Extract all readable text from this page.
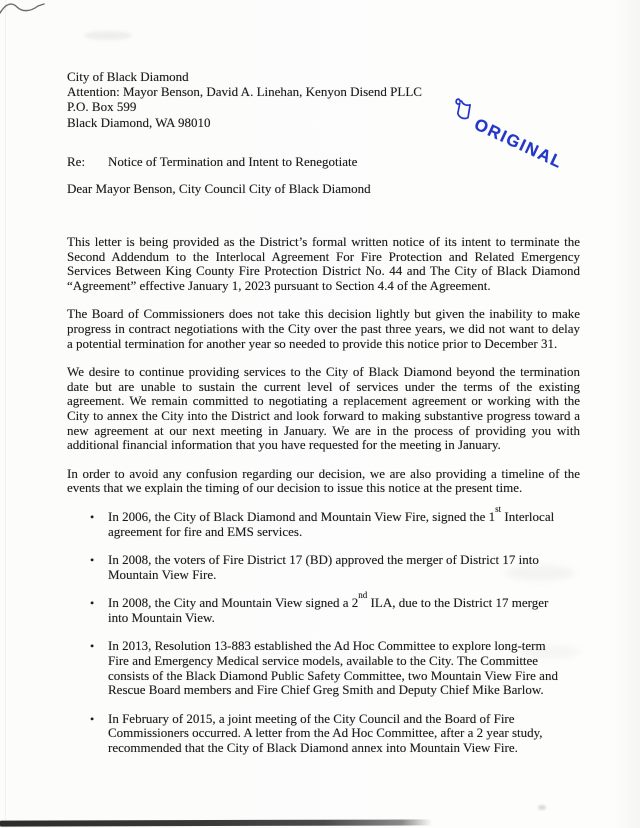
ORIGINAL
City of Black Diamond
Attention: Mayor Benson, David A. Linehan, Kenyon Disend PLLC
P.O. Box 599
Black Diamond, WA 98010
Re:	Notice of Termination and Intent to Renegotiate
Dear Mayor Benson, City Council City of Black Diamond

This letter is being provided as the District’s formal written notice of its intent to terminate the Second Addendum to the Interlocal Agreement For Fire Protection and Related Emergency Services Between King County Fire Protection District No. 44 and The City of Black Diamond “Agreement” effective January 1, 2023 pursuant to Section 4.4 of the Agreement.

The Board of Commissioners does not take this decision lightly but given the inability to make progress in contract negotiations with the City over the past three years, we did not want to delay a potential termination for another year so needed to provide this notice prior to December 31.

We desire to continue providing services to the City of Black Diamond beyond the termination date but are unable to sustain the current level of services under the terms of the existing agreement. We remain committed to negotiating a replacement agreement or working with the City to annex the City into the District and look forward to making substantive progress toward a new agreement at our next meeting in January. We are in the process of providing you with additional financial information that you have requested for the meeting in January.

In order to avoid any confusion regarding our decision, we are also providing a timeline of the events that we explain the timing of our decision to issue this notice at the present time.

•	In 2006, the City of Black Diamond and Mountain View Fire, signed the 1st Interlocal agreement for fire and EMS services.
•	In 2008, the voters of Fire District 17 (BD) approved the merger of District 17 into Mountain View Fire.
•	In 2008, the City and Mountain View signed a 2nd ILA, due to the District 17 merger into Mountain View.
•	In 2013, Resolution 13-883 established the Ad Hoc Committee to explore long-term Fire and Emergency Medical service models, available to the City. The Committee consists of the Black Diamond Public Safety Committee, two Mountain View Fire and Rescue Board members and Fire Chief Greg Smith and Deputy Chief Mike Barlow.
•	In February of 2015, a joint meeting of the City Council and the Board of Fire Commissioners occurred. A letter from the Ad Hoc Committee, after a 2 year study, recommended that the City of Black Diamond annex into Mountain View Fire.
